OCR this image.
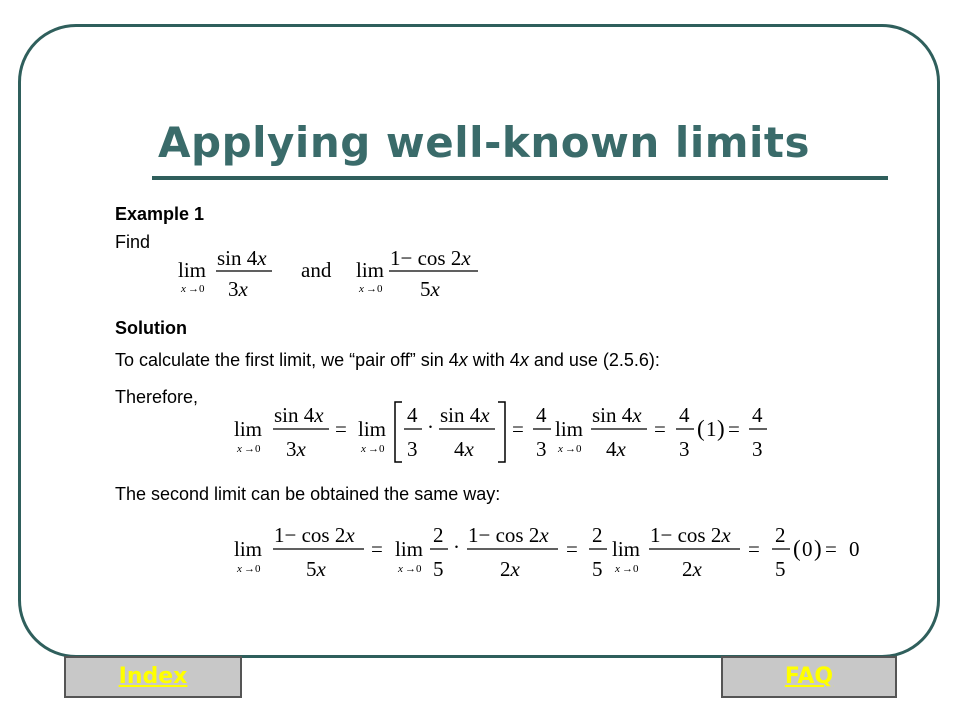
Applying well-known limits
Example 1
Find
lim
x →0
sin 4x
3x
and lim
x →0
1− cos 2x
5x
Solution
To calculate the first limit, we “pair off” sin 4x with 4x and use (2.5.6):
Therefore,
lim
x →0
sin 4x
3x
= lim
x →0
4
3
· sin 4x
4x
=
4
3
lim
x →0
sin 4x
4x
=
4
3
( 1 ) =
4
3
The second limit can be obtained the same way:
lim
x →0
1− cos 2x
5x
= lim
x →0
2
5
· 1− cos 2x
2x
=
2
5
lim
x →0
1− cos 2x
2x
=
2
5
( 0 ) = 0
Index	FAQ
